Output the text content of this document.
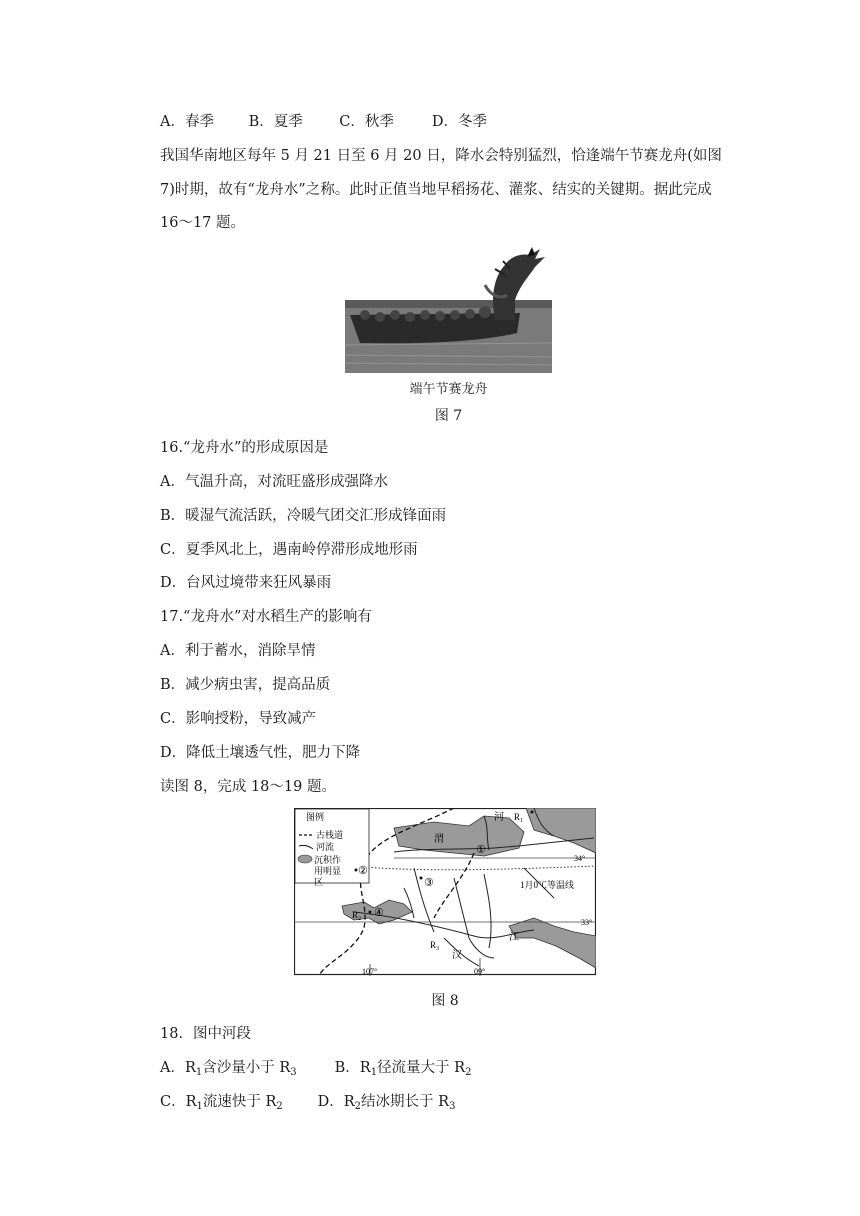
A．春季 B．夏季	C．秋季	D．冬季
我国华南地区每年 5 月 21 日至 6 月 20 日，降水会特别猛烈，恰逢端午节赛龙舟(如图
7)时期，故有“龙舟水”之称。此时正值当地早稻扬花、灌浆、结实的关键期。据此完成
16～17 题。
端午节赛龙舟
图 7
16.“龙舟水”的形成原因是
A．气温升高，对流旺盛形成强降水
B．暖湿气流活跃，冷暖气团交汇形成锋面雨
C．夏季风北上，遇南岭停滞形成地形雨
D．台风过境带来狂风暴雨
17.“龙舟水”对水稻生产的影响有
A．利于蓄水，消除旱情
B．减少病虫害，提高品质
C．影响授粉，导致减产
D．降低土壤透气性，肥力下降
读图 8，完成 18～19 题。
图例
古栈道
河流
沉积作
用明显
区
河
渭
汉
江
1月0℃等温线
34°
33°
107°	09°
①
②
③
④
$R_1$
$R_2$
$R_3$
图 8
18．图中河段
A．$R_1$含沙量小于 $R_3$	B．$R_1$径流量大于 $R_2$
C．$R_1$流速快于 $R_2$ D．$R_2$结冰期长于 $R_3$
